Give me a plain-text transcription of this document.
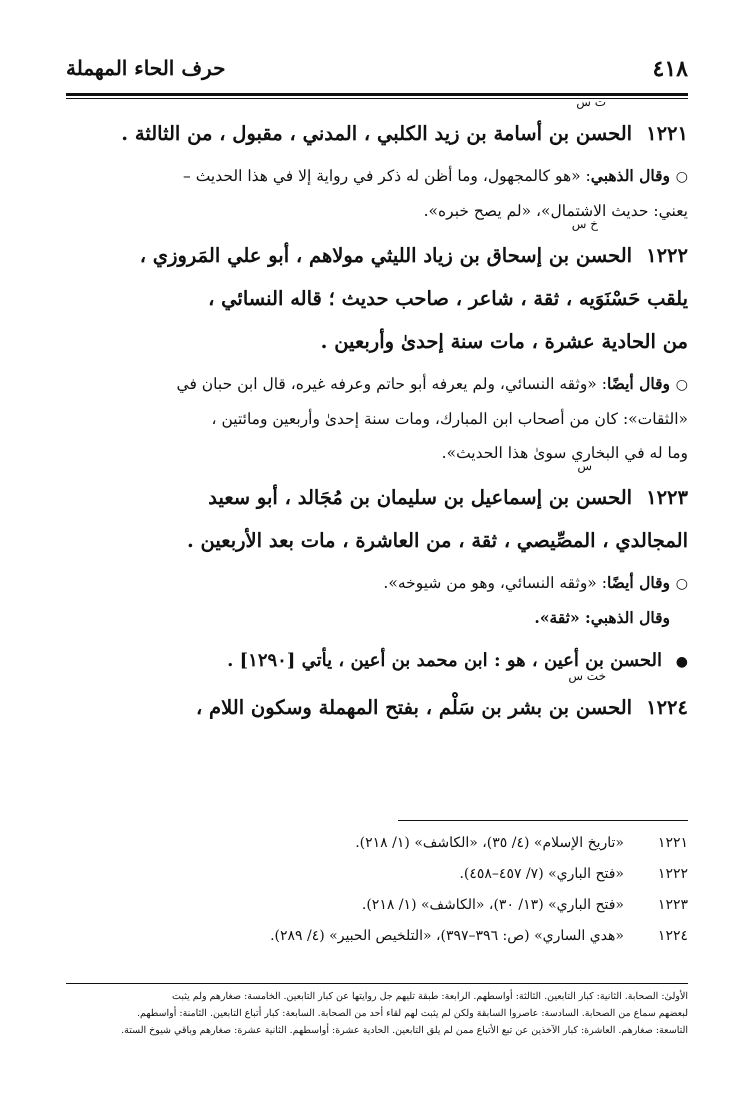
٤١٨
حرف الحاء المهملة
ت س
١٢٢١الحسن بن أسامة بن زيد الكلبي ، المدني ، مقبول ، من الثالثة .
○وقال الذهبي: «هو كالمجهول، وما أظن له ذكر في رواية إلا في هذا الحديث –
يعني: حديث الاشتمال»، «لم يصح خبره».
خ س
١٢٢٢الحسن بن إسحاق بن زياد الليثي مولاهم ، أبو علي المَروزي ،
يلقب حَسْنَوَيه ، ثقة ، شاعر ، صاحب حديث ؛ قاله النسائي ،
من الحادية عشرة ، مات سنة إحدىٰ وأربعين .
○وقال أيضًا: «وثقه النسائي، ولم يعرفه أبو حاتم وعرفه غيره، قال ابن حبان في
«الثقات»: كان من أصحاب ابن المبارك، ومات سنة إحدىٰ وأربعين ومائتين ،
وما له في البخاري سوىٰ هذا الحديث».
س
١٢٢٣الحسن بن إسماعيل بن سليمان بن مُجَالد ، أبو سعيد
المجالدي ، المصِّيصي ، ثقة ، من العاشرة ، مات بعد الأربعين .
○وقال أيضًا: «وثقه النسائي، وهو من شيوخه».
وقال الذهبي: «ثقة».
●الحسن بن أعين ، هو : ابن محمد بن أعين ، يأتي [١٢٩٠] .
خت س
١٢٢٤الحسن بن بشر بن سَلْم ، بفتح المهملة وسكون اللام ،
١٢٢١«تاريخ الإسلام» (٤/ ٣٥)، «الكاشف» (١/ ٢١٨).
١٢٢٢«فتح الباري» (٧/ ٤٥٧–٤٥٨).
١٢٢٣«فتح الباري» (١٣/ ٣٠)، «الكاشف» (١/ ٢١٨).
١٢٢٤«هدي الساري» (ص: ٣٩٦–٣٩٧)، «التلخيص الحبير» (٤/ ٢٨٩).

الأولىٰ: الصحابة. الثانية: كبار التابعين. الثالثة: أواسطهم. الرابعة: طبقة تليهم جل روايتها عن كبار التابعين. الخامسة: صغارهم ولم يثبت

لبعضهم سماع من الصحابة. السادسة: عاصروا السابقة ولكن لم يثبت لهم لقاء أحد من الصحابة. السابعة: كبار أتباع التابعين. الثامنة: أواسطهم.

التاسعة: صغارهم. العاشرة: كبار الآخذين عن تبع الأتباع ممن لم يلق التابعين. الحادية عشرة: أواسطهم. الثانية عشرة: صغارهم وباقي شيوخ الستة.
